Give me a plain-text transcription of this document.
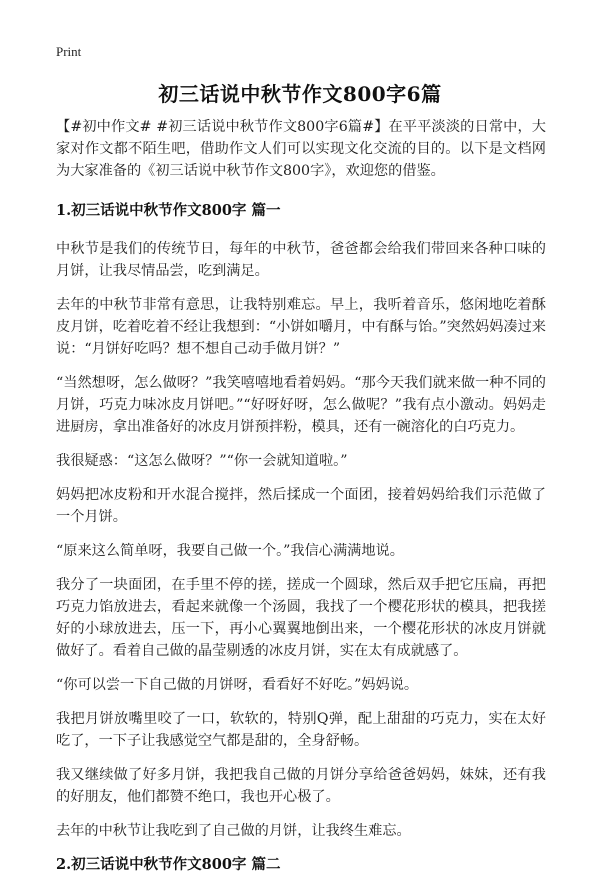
Print
初三话说中秋节作文800字6篇

【#初中作文# #初三话说中秋节作文800字6篇#】在平平淡淡的日常中，大家对作文都不陌生吧，借助作文人们可以实现文化交流的目的。以下是文档网为大家准备的《初三话说中秋节作文800字》，欢迎您的借鉴。

1.初三话说中秋节作文800字 篇一

中秋节是我们的传统节日，每年的中秋节，爸爸都会给我们带回来各种口味的月饼，让我尽情品尝，吃到满足。

去年的中秋节非常有意思，让我特别难忘。早上，我听着音乐，悠闲地吃着酥皮月饼，吃着吃着不经让我想到：“小饼如嚼月，中有酥与饴。”突然妈妈凑过来说：“月饼好吃吗？想不想自己动手做月饼？”

“当然想呀，怎么做呀？”我笑嘻嘻地看着妈妈。“那今天我们就来做一种不同的月饼，巧克力味冰皮月饼吧。”“好呀好呀，怎么做呢？”我有点小激动。妈妈走进厨房，拿出准备好的冰皮月饼预拌粉，模具，还有一碗溶化的白巧克力。

我很疑惑：“这怎么做呀？”“你一会就知道啦。”

妈妈把冰皮粉和开水混合搅拌，然后揉成一个面团，接着妈妈给我们示范做了一个月饼。

“原来这么简单呀，我要自己做一个。”我信心满满地说。

我分了一块面团，在手里不停的搓，搓成一个圆球，然后双手把它压扁，再把巧克力馅放进去，看起来就像一个汤圆，我找了一个樱花形状的模具，把我搓好的小球放进去，压一下，再小心翼翼地倒出来，一个樱花形状的冰皮月饼就做好了。看着自己做的晶莹剔透的冰皮月饼，实在太有成就感了。

“你可以尝一下自己做的月饼呀，看看好不好吃。”妈妈说。

我把月饼放嘴里咬了一口，软软的，特别Q弹，配上甜甜的巧克力，实在太好吃了，一下子让我感觉空气都是甜的，全身舒畅。

我又继续做了好多月饼，我把我自己做的月饼分享给爸爸妈妈，妹妹，还有我的好朋友，他们都赞不绝口，我也开心极了。

去年的中秋节让我吃到了自己做的月饼，让我终生难忘。

2.初三话说中秋节作文800字 篇二
